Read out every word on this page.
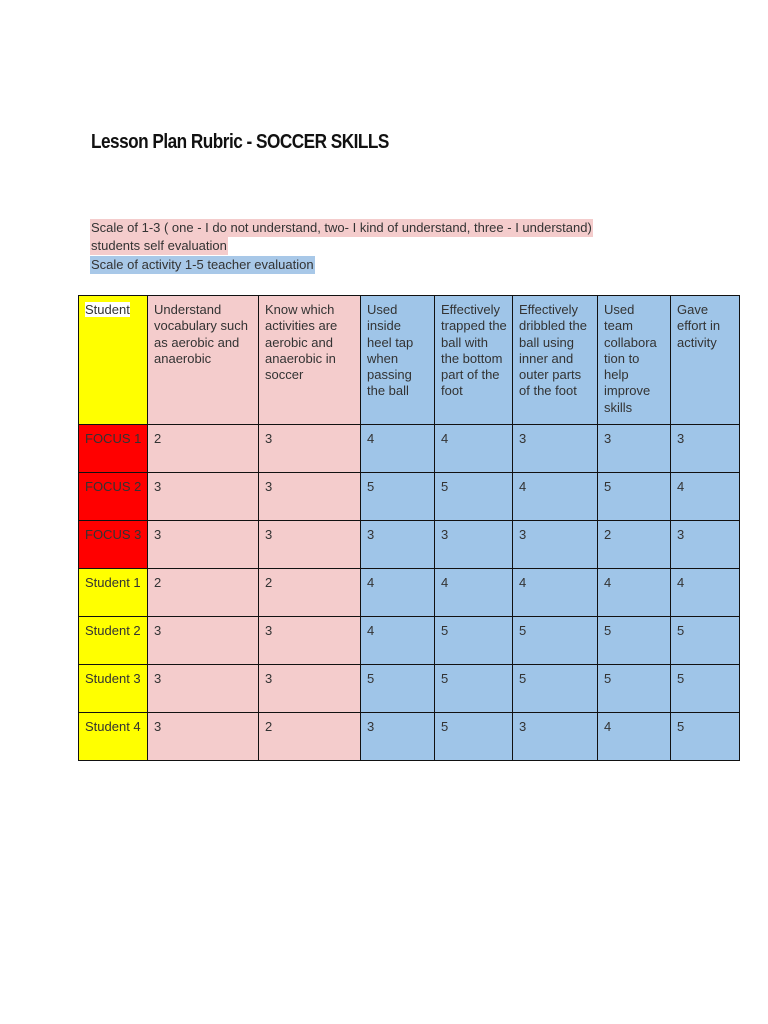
Lesson Plan Rubric - SOCCER SKILLS
Scale of 1-3 ( one - I do not understand, two- I kind of understand, three - I understand)
students self evaluation
Scale of activity 1-5 teacher evaluation
Student	Understand vocabulary such as aerobic and anaerobic	Know which activities are aerobic and anaerobic in soccer	Used inside heel tap when passing the ball	Effectively trapped the ball with the bottom part of the foot	Effectively dribbled the ball using inner and outer parts of the foot	Used team collabora tion to help improve skills	Gave effort in activity
FOCUS 1	2	3	4	4	3	3	3
FOCUS 2	3	3	5	5	4	5	4
FOCUS 3	3	3	3	3	3	2	3
Student 1	2	2	4	4	4	4	4
Student 2	3	3	4	5	5	5	5
Student 3	3	3	5	5	5	5	5
Student 4	3	2	3	5	3	4	5
